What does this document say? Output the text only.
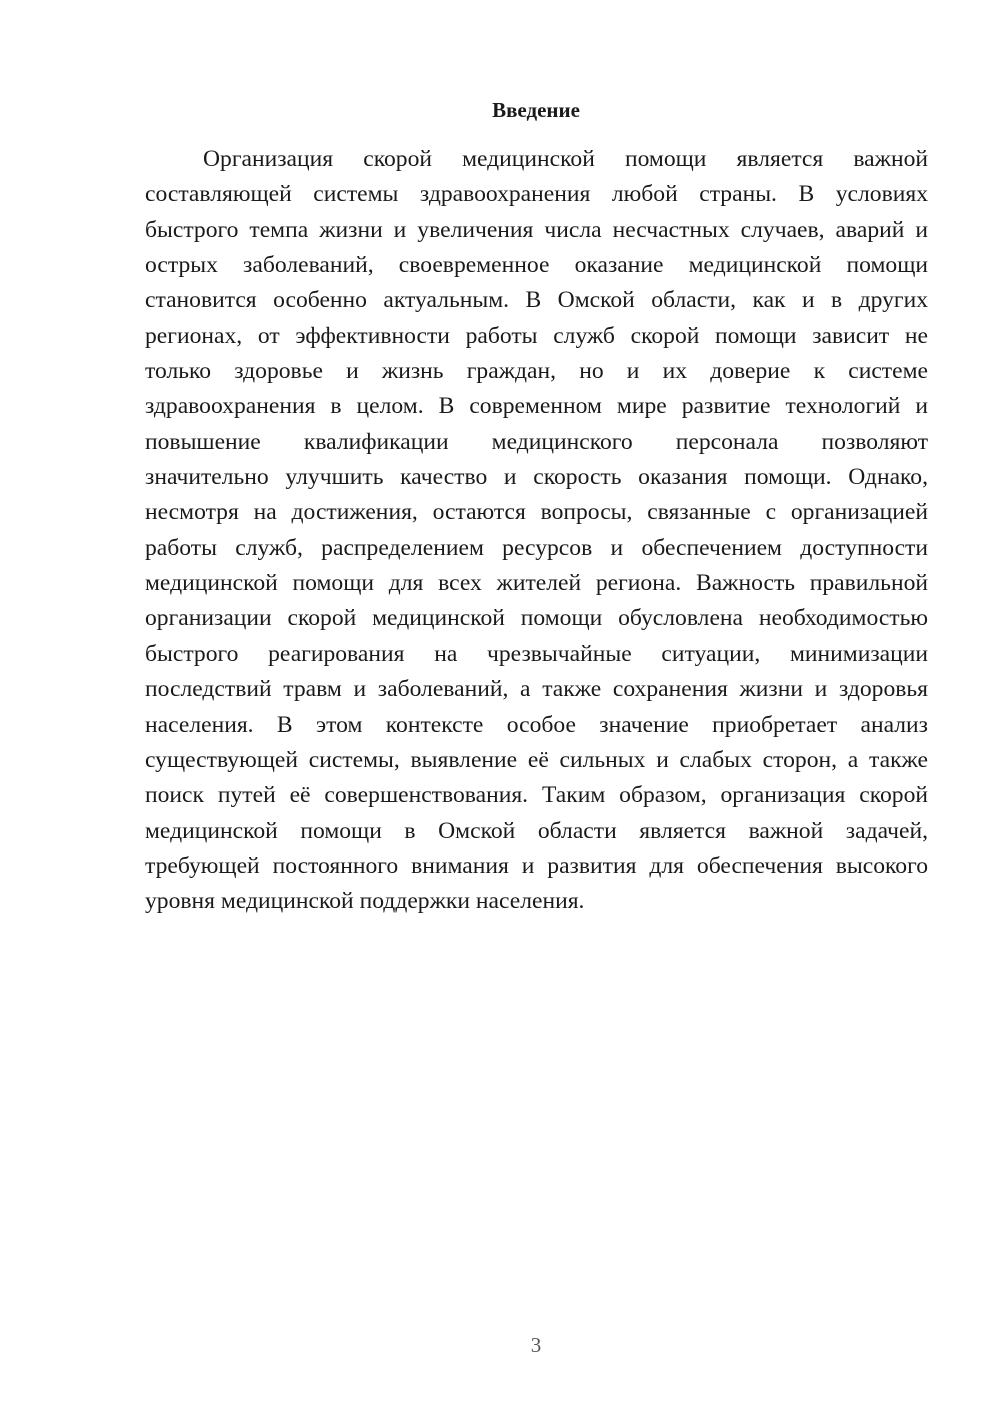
Введение
Организация скорой медицинской помощи является важной
составляющей системы здравоохранения любой страны. В условиях
быстрого темпа жизни и увеличения числа несчастных случаев, аварий и
острых заболеваний, своевременное оказание медицинской помощи
становится особенно актуальным. В Омской области, как и в других
регионах, от эффективности работы служб скорой помощи зависит не
только здоровье и жизнь граждан, но и их доверие к системе
здравоохранения в целом. В современном мире развитие технологий и
повышение квалификации медицинского персонала позволяют
значительно улучшить качество и скорость оказания помощи. Однако,
несмотря на достижения, остаются вопросы, связанные с организацией
работы служб, распределением ресурсов и обеспечением доступности
медицинской помощи для всех жителей региона. Важность правильной
организации скорой медицинской помощи обусловлена необходимостью
быстрого реагирования на чрезвычайные ситуации, минимизации
последствий травм и заболеваний, а также сохранения жизни и здоровья
населения. В этом контексте особое значение приобретает анализ
существующей системы, выявление её сильных и слабых сторон, а также
поиск путей её совершенствования. Таким образом, организация скорой
медицинской помощи в Омской области является важной задачей,
требующей постоянного внимания и развития для обеспечения высокого
уровня медицинской поддержки населения.
3
